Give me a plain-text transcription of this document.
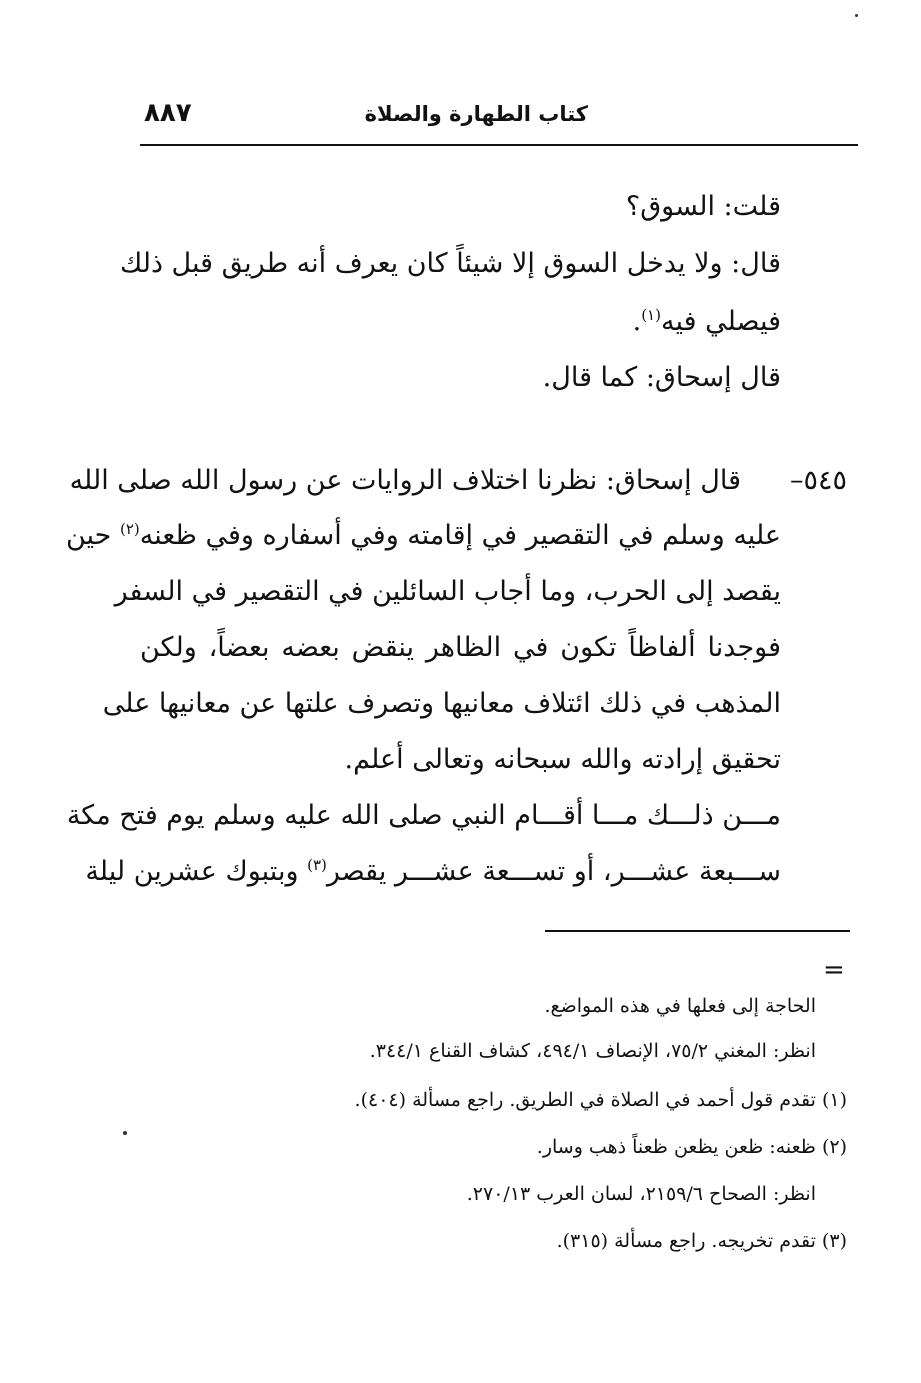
كتاب الطهارة والصلاة
٨٨٧
قلت: السوق؟
قال: ولا يدخل السوق إلا شيئاً كان يعرف أنه طريق قبل ذلك
فيصلي فيه$^{(١)}$.
قال إسحاق: كما قال.
٥٤٥–
قال إسحاق: نظرنا اختلاف الروايات عن رسول الله صلى الله
عليه وسلم في التقصير في إقامته وفي أسفاره وفي ظعنه$^{(٢)}$ حين
يقصد إلى الحرب، وما أجاب السائلين في التقصير في السفر
فوجدنا ألفاظاً تكون في الظاهر ينقض بعضه بعضاً، ولكن
المذهب في ذلك ائتلاف معانيها وتصرف علتها عن معانيها على
تحقيق إرادته والله سبحانه وتعالى أعلم.
مـــن ذلـــك مـــا أقـــام النبي صلى الله عليه وسلم يوم فتح مكة
ســـبعة عشـــر، أو تســـعة عشـــر يقصر$^{(٣)}$ وبتبوك عشرين ليلة
=
الحاجة إلى فعلها في هذه المواضع.
انظر: المغني ٧٥/٢، الإنصاف ٤٩٤/١، كشاف القناع ٣٤٤/١.
(١) تقدم قول أحمد في الصلاة في الطريق. راجع مسألة (٤٠٤).
(٢) ظعنه: ظعن يظعن ظعناً ذهب وسار.
انظر: الصحاح ٢١٥٩/٦، لسان العرب ٢٧٠/١٣.
(٣) تقدم تخريجه. راجع مسألة (٣١٥).
